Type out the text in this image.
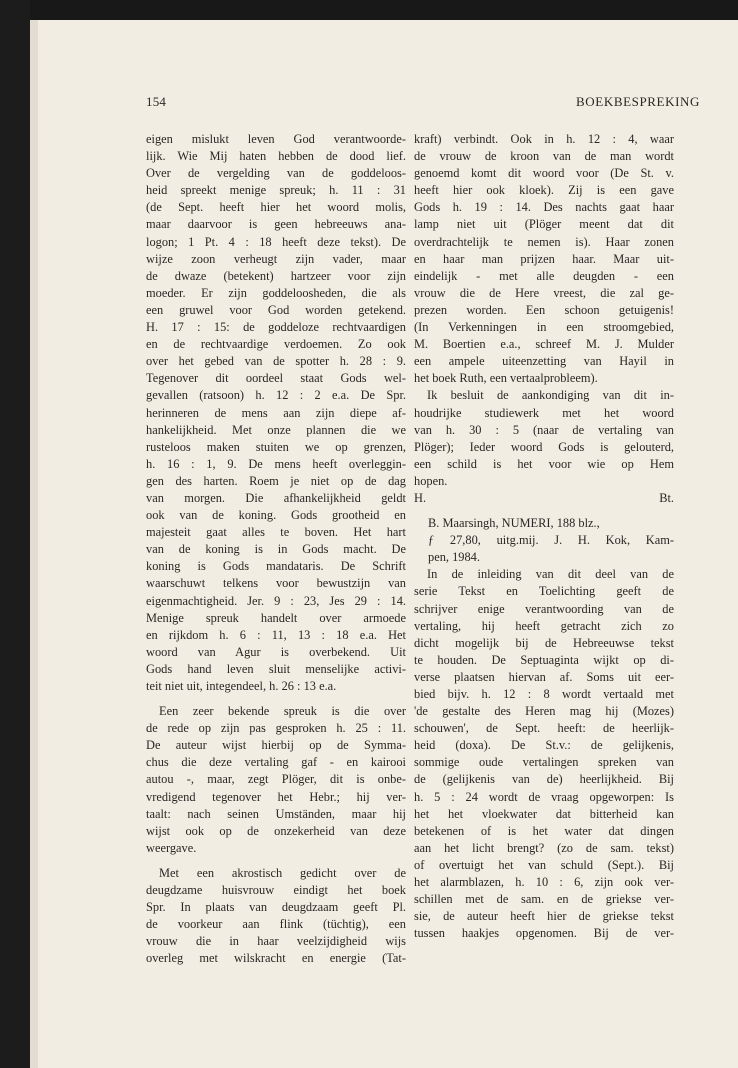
154	BOEKBESPREKING
eigen mislukt leven God verantwoorde-
lijk. Wie Mij haten hebben de dood lief.
Over de vergelding van de goddeloos-
heid spreekt menige spreuk; h. 11 : 31
(de Sept. heeft hier het woord molis,
maar daarvoor is geen hebreeuws ana-
logon; 1 Pt. 4 : 18 heeft deze tekst). De
wijze zoon verheugt zijn vader, maar
de dwaze (betekent) hartzeer voor zijn
moeder. Er zijn goddeloosheden, die als
een gruwel voor God worden getekend.
H. 17 : 15: de goddeloze rechtvaardigen
en de rechtvaardige verdoemen. Zo ook
over het gebed van de spotter h. 28 : 9.
Tegenover dit oordeel staat Gods wel-
gevallen (ratsoon) h. 12 : 2 e.a. De Spr.
herinneren de mens aan zijn diepe af-
hankelijkheid. Met onze plannen die we
rusteloos maken stuiten we op grenzen,
h. 16 : 1, 9. De mens heeft overleggin-
gen des harten. Roem je niet op de dag
van morgen. Die afhankelijkheid geldt
ook van de koning. Gods grootheid en
majesteit gaat alles te boven. Het hart
van de koning is in Gods macht. De
koning is Gods mandataris. De Schrift
waarschuwt telkens voor bewustzijn van
eigenmachtigheid. Jer. 9 : 23, Jes 29 : 14.
Menige spreuk handelt over armoede
en rijkdom h. 6 : 11, 13 : 18 e.a. Het
woord van Agur is overbekend. Uit
Gods hand leven sluit menselijke activi-
teit niet uit, integendeel, h. 26 : 13 e.a.
Een zeer bekende spreuk is die over
de rede op zijn pas gesproken h. 25 : 11.
De auteur wijst hierbij op de Symma-
chus die deze vertaling gaf - en kairooi
autou -, maar, zegt Plöger, dit is onbe-
vredigend tegenover het Hebr.; hij ver-
taalt: nach seinen Umständen, maar hij
wijst ook op de onzekerheid van deze
weergave.
Met een akrostisch gedicht over de
deugdzame huisvrouw eindigt het boek
Spr. In plaats van deugdzaam geeft Pl.
de voorkeur aan flink (tüchtig), een
vrouw die in haar veelzijdigheid wijs
overleg met wilskracht en energie (Tat-
kraft) verbindt. Ook in h. 12 : 4, waar
de vrouw de kroon van de man wordt
genoemd komt dit woord voor (De St. v.
heeft hier ook kloek). Zij is een gave
Gods h. 19 : 14. Des nachts gaat haar
lamp niet uit (Plöger meent dat dit
overdrachtelijk te nemen is). Haar zonen
en haar man prijzen haar. Maar uit-
eindelijk - met alle deugden - een
vrouw die de Here vreest, die zal ge-
prezen worden. Een schoon getuigenis!
(In Verkenningen in een stroomgebied,
M. Boertien e.a., schreef M. J. Mulder
een ampele uiteenzetting van Hayil in
het boek Ruth, een vertaalprobleem).
Ik besluit de aankondiging van dit in-
houdrijke studiewerk met het woord
van h. 30 : 5 (naar de vertaling van
Plöger); Ieder woord Gods is gelouterd,
een schild is het voor wie op Hem
hopen.
H.	Bt.
B. Maarsingh, NUMERI, 188 blz.,
ƒ 27,80, uitg.mij. J. H. Kok, Kam-
pen, 1984.
In de inleiding van dit deel van de
serie Tekst en Toelichting geeft de
schrijver enige verantwoording van de
vertaling, hij heeft getracht zich zo
dicht mogelijk bij de Hebreeuwse tekst
te houden. De Septuaginta wijkt op di-
verse plaatsen hiervan af. Soms uit eer-
bied bijv. h. 12 : 8 wordt vertaald met
'de gestalte des Heren mag hij (Mozes)
schouwen', de Sept. heeft: de heerlijk-
heid (doxa). De St.v.: de gelijkenis,
sommige oude vertalingen spreken van
de (gelijkenis van de) heerlijkheid. Bij
h. 5 : 24 wordt de vraag opgeworpen: Is
het het vloekwater dat bitterheid kan
betekenen of is het water dat dingen
aan het licht brengt? (zo de sam. tekst)
of overtuigt het van schuld (Sept.). Bij
het alarmblazen, h. 10 : 6, zijn ook ver-
schillen met de sam. en de griekse ver-
sie, de auteur heeft hier de griekse tekst
tussen haakjes opgenomen. Bij de ver-
